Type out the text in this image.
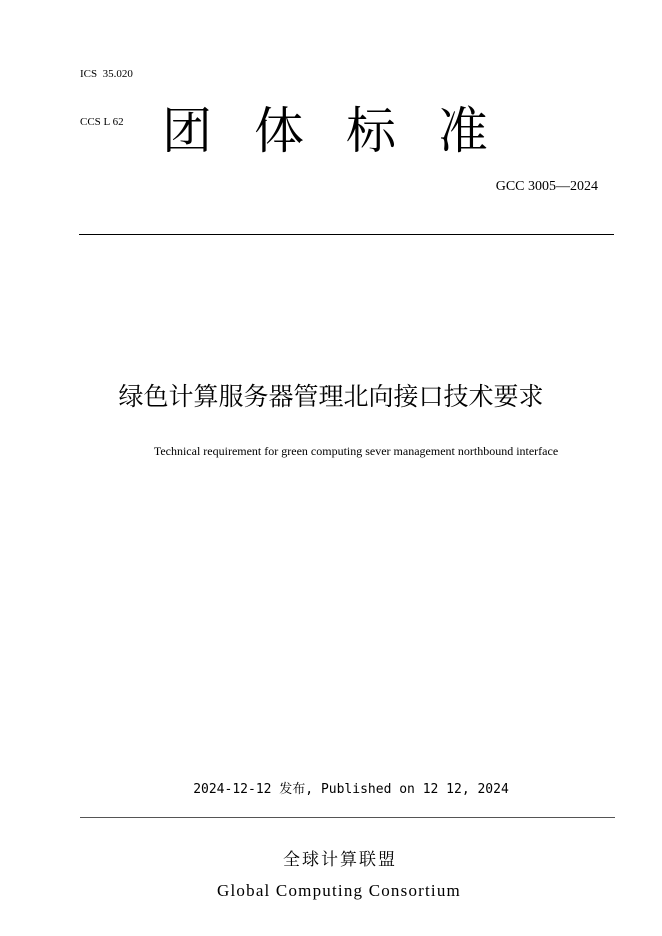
ICS  35.020

CCS L 62 团 体 标 准
GCC 3005—2024
绿色计算服务器管理北向接口技术要求
Technical requirement for green computing sever management northbound interface
2024-12-12 发布, Published on 12 12, 2024
全球计算联盟
Global Computing Consortium
